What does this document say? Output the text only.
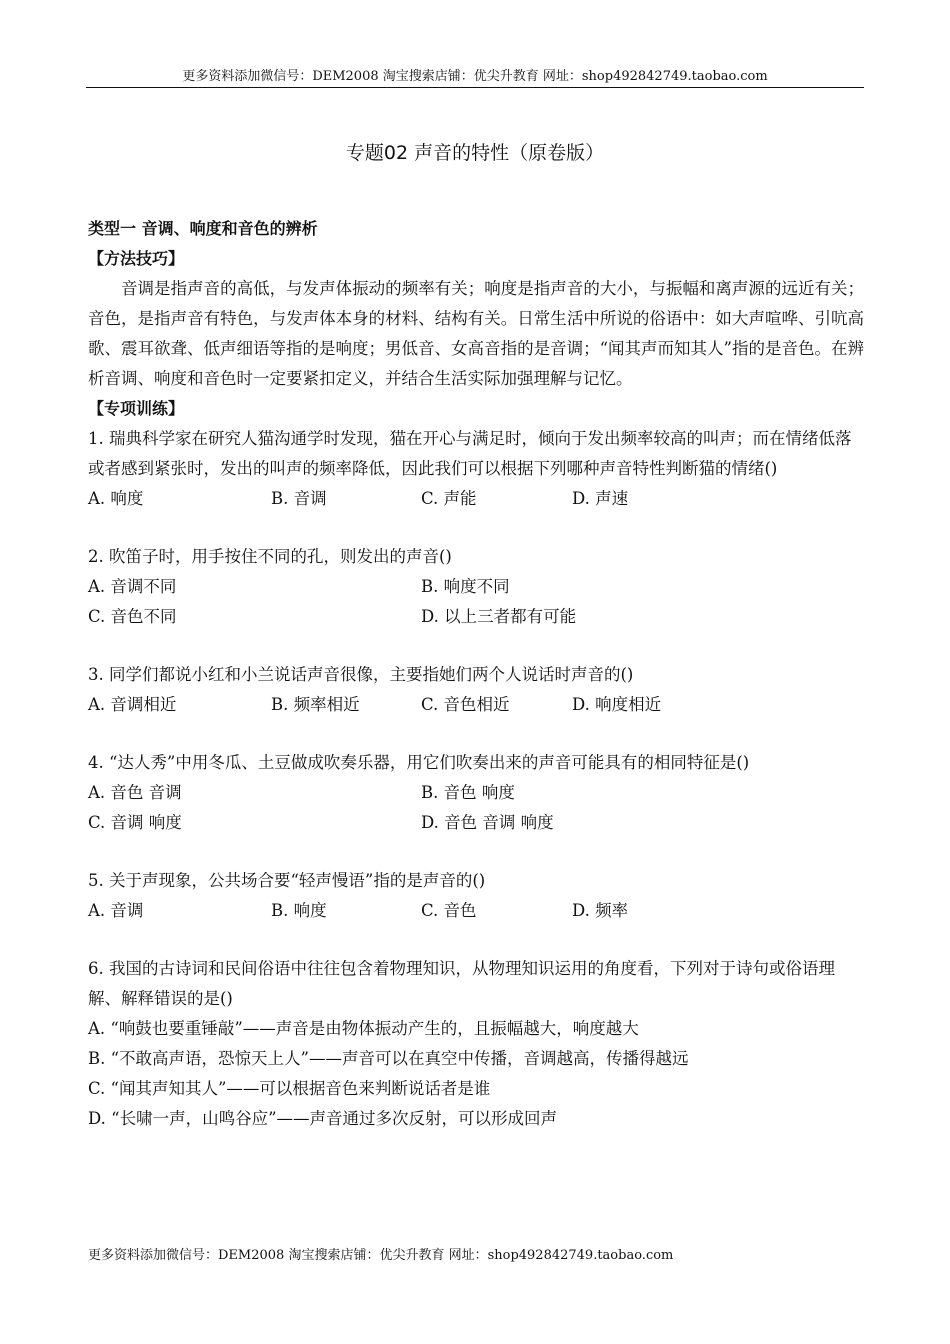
更多资料添加微信号：DEM2008 淘宝搜索店铺：优尖升教育 网址：shop492842749.taobao.com
专题02 声音的特性（原卷版）
类型一 音调、响度和音色的辨析
【方法技巧】
音调是指声音的高低，与发声体振动的频率有关；响度是指声音的大小，与振幅和离声源的远近有关；音色，是指声音有特色，与发声体本身的材料、结构有关。日常生活中所说的俗语中：如大声喧哗、引吭高歌、震耳欲聋、低声细语等指的是响度；男低音、女高音指的是音调；“闻其声而知其人”指的是音色。在辨析音调、响度和音色时一定要紧扣定义，并结合生活实际加强理解与记忆。
【专项训练】
1. 瑞典科学家在研究人猫沟通学时发现，猫在开心与满足时，倾向于发出频率较高的叫声；而在情绪低落或者感到紧张时，发出的叫声的频率降低，因此我们可以根据下列哪种声音特性判断猫的情绪()
A. 响度	B. 音调	C. 声能	D. 声速
2. 吹笛子时，用手按住不同的孔，则发出的声音()
A. 音调不同	B. 响度不同
C. 音色不同	D. 以上三者都有可能
3. 同学们都说小红和小兰说话声音很像，主要指她们两个人说话时声音的()
A. 音调相近	B. 频率相近	C. 音色相近	D. 响度相近
4. “达人秀”中用冬瓜、土豆做成吹奏乐器，用它们吹奏出来的声音可能具有的相同特征是()
A. 音色 音调	B. 音色 响度
C. 音调 响度	D. 音色 音调 响度
5. 关于声现象，公共场合要“轻声慢语”指的是声音的()
A. 音调	B. 响度	C. 音色	D. 频率
6. 我国的古诗词和民间俗语中往往包含着物理知识，从物理知识运用的角度看，下列对于诗句或俗语理解、解释错误的是()
A. “响鼓也要重锤敲”——声音是由物体振动产生的，且振幅越大，响度越大
B. “不敢高声语，恐惊天上人”——声音可以在真空中传播，音调越高，传播得越远
C. “闻其声知其人”——可以根据音色来判断说话者是谁
D. “长啸一声，山鸣谷应”——声音通过多次反射，可以形成回声
更多资料添加微信号：DEM2008 淘宝搜索店铺：优尖升教育 网址：shop492842749.taobao.com
